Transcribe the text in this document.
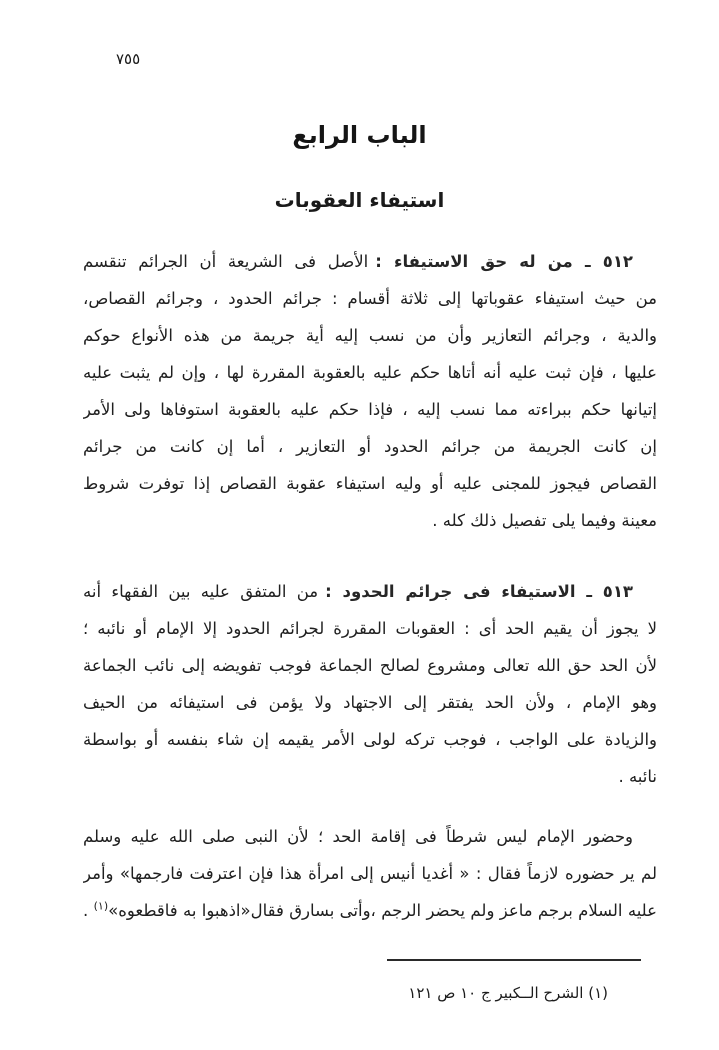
٧٥٥
الباب الرابع
استيفاء العقوبات
٥١٢ ـ من له حق الاستيفاء :الأصل فى الشريعة أن الجرائم تنقسم
من حيث استيفاء عقوباتها إلى ثلاثة أقسام : جرائم الحدود ، وجرائم القصاص،
والدية ، وجرائم التعازير وأن من نسب إليه أية جريمة من هذه الأنواع حوكم
عليها ، فإن ثبت عليه أنه أتاها حكم عليه بالعقوبة المقررة لها ، وإن لم يثبت عليه
إتيانها حكم ببراءته مما نسب إليه ، فإذا حكم عليه بالعقوبة استوفاها ولى الأمر
إن كانت الجريمة من جرائم الحدود أو التعازير ، أما إن كانت من جرائم
القصاص فيجوز للمجنى عليه أو وليه استيفاء عقوبة القصاص إذا توفرت شروط
معينة وفيما يلى تفصيل ذلك كله .
٥١٣ ـ الاستيفاء فى جرائم الحدود :من المتفق عليه بين الفقهاء أنه
لا يجوز أن يقيم الحد أى : العقوبات المقررة لجرائم الحدود إلا الإمام أو نائبه ؛
لأن الحد حق الله تعالى ومشروع لصالح الجماعة فوجب تفويضه إلى نائب الجماعة
وهو الإمام ، ولأن الحد يفتقر إلى الاجتهاد ولا يؤمن فى استيفائه من الحيف
والزيادة على الواجب ، فوجب تركه لولى الأمر يقيمه إن شاء بنفسه أو بواسطة
نائبه .
وحضور الإمام ليس شرطاً فى إقامة الحد ؛ لأن النبى صلى الله عليه وسلم
لم ير حضوره لازماً فقال : « أغديا أنيس إلى امرأة هذا فإن اعترفت فارجمها» وأمر
عليه السلام برجم ماعز ولم يحضر الرجم ،وأتى بسارق فقال«اذهبوا به فاقطعوه»$^{(١)}$ .
(١) الشرح الــكبير ج ١٠ ص ١٢١
